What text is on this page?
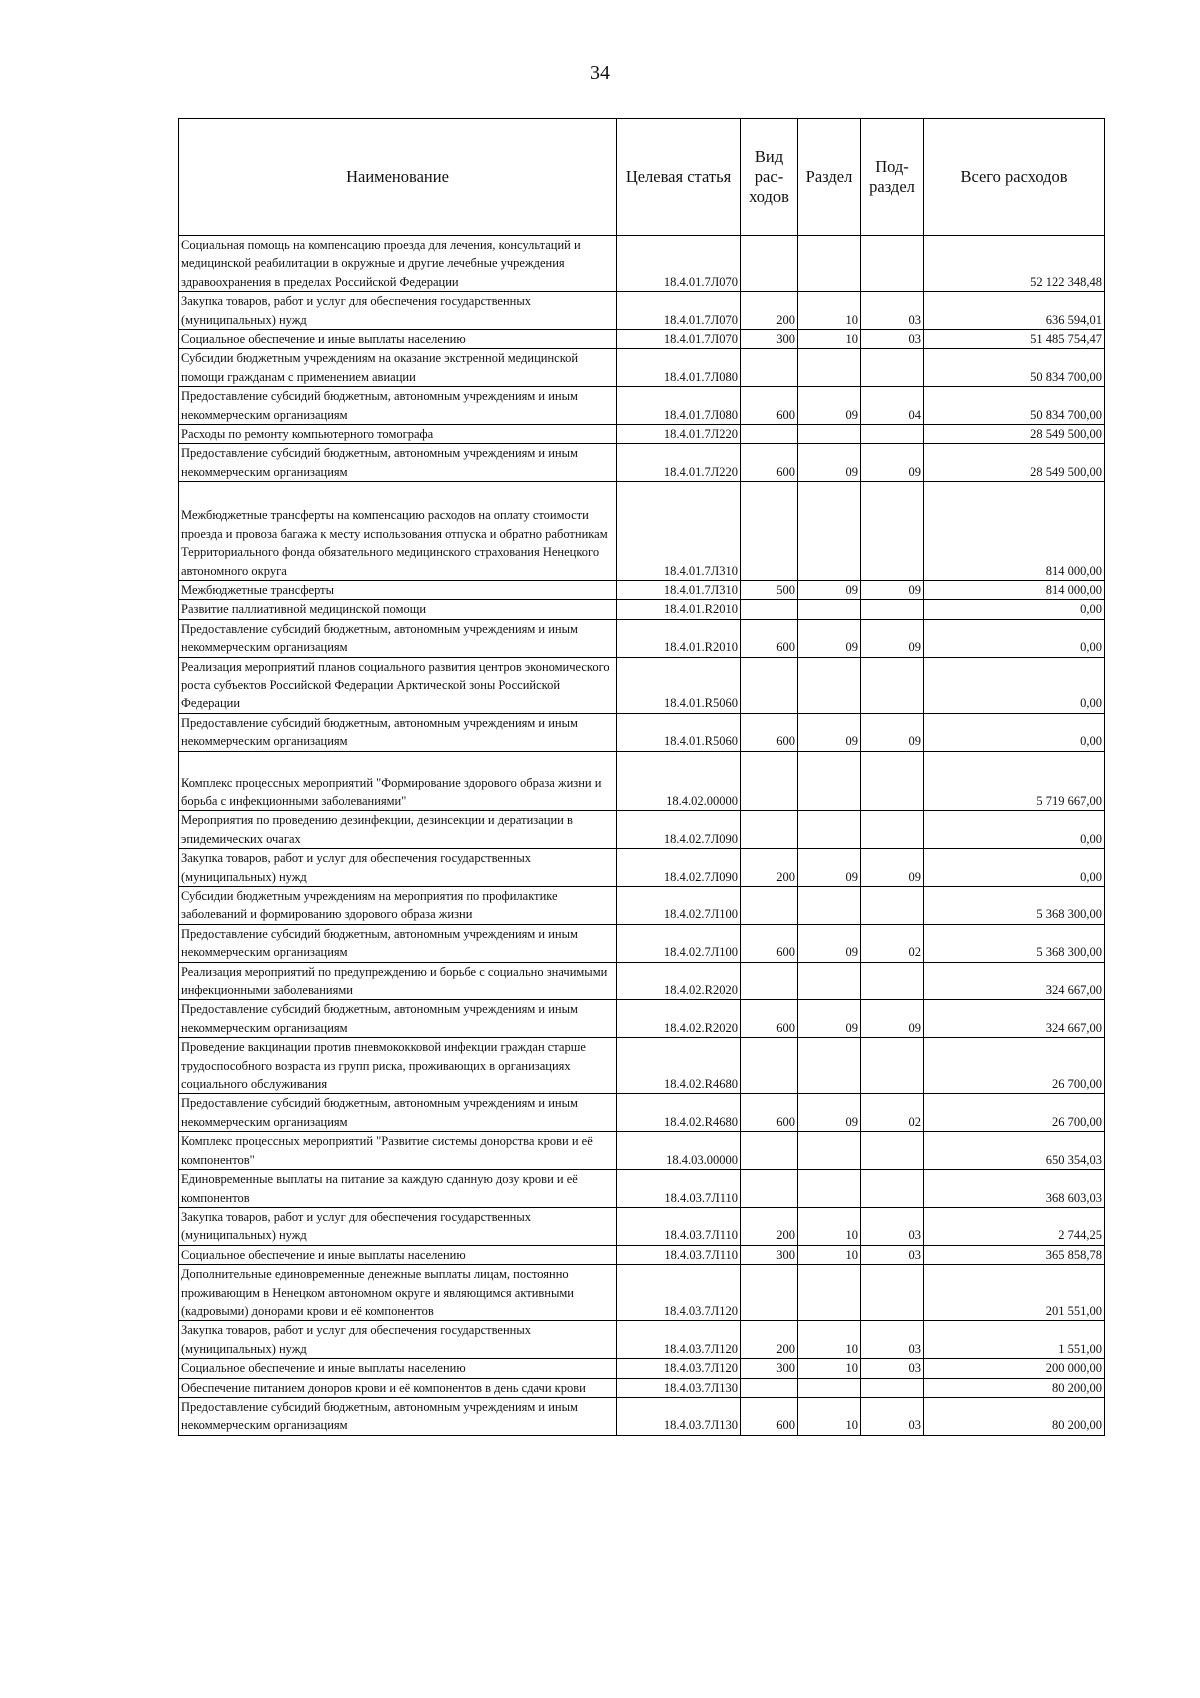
34
Наименование	Целевая статья	Вид рас- ходов	Раздел	Под- раздел	Всего расходов
Социальная помощь на компенсацию проезда для лечения, консультаций и медицинской реабилитации в окружные и другие лечебные учреждения здравоохранения в пределах Российской Федерации	18.4.01.7Л070				52 122 348,48
Закупка товаров, работ и услуг для обеспечения государственных (муниципальных) нужд	18.4.01.7Л070	200	10	03	636 594,01
Социальное обеспечение и иные выплаты населению	18.4.01.7Л070	300	10	03	51 485 754,47
Субсидии бюджетным учреждениям на оказание экстренной медицинской помощи гражданам с применением авиации	18.4.01.7Л080				50 834 700,00
Предоставление субсидий бюджетным, автономным учреждениям и иным некоммерческим организациям	18.4.01.7Л080	600	09	04	50 834 700,00
Расходы по ремонту компьютерного томографа	18.4.01.7Л220				28 549 500,00
Предоставление субсидий бюджетным, автономным учреждениям и иным некоммерческим организациям	18.4.01.7Л220	600	09	09	28 549 500,00
Межбюджетные трансферты на компенсацию расходов на оплату стоимости проезда и провоза багажа к месту использования отпуска и обратно работникам Территориального фонда обязательного медицинского страхования Ненецкого автономного округа	18.4.01.7Л310				814 000,00
Межбюджетные трансферты	18.4.01.7Л310	500	09	09	814 000,00
Развитие паллиативной медицинской помощи	18.4.01.R2010				0,00
Предоставление субсидий бюджетным, автономным учреждениям и иным некоммерческим организациям	18.4.01.R2010	600	09	09	0,00
Реализация мероприятий планов социального развития центров экономического роста субъектов Российской Федерации Арктической зоны Российской Федерации	18.4.01.R5060				0,00
Предоставление субсидий бюджетным, автономным учреждениям и иным некоммерческим организациям	18.4.01.R5060	600	09	09	0,00
Комплекс процессных мероприятий "Формирование здорового образа жизни и борьба с инфекционными заболеваниями"	18.4.02.00000				5 719 667,00
Мероприятия по проведению дезинфекции, дезинсекции и дератизации в эпидемических очагах	18.4.02.7Л090				0,00
Закупка товаров, работ и услуг для обеспечения государственных (муниципальных) нужд	18.4.02.7Л090	200	09	09	0,00
Субсидии бюджетным учреждениям на мероприятия по профилактике заболеваний и формированию здорового образа жизни	18.4.02.7Л100				5 368 300,00
Предоставление субсидий бюджетным, автономным учреждениям и иным некоммерческим организациям	18.4.02.7Л100	600	09	02	5 368 300,00
Реализация мероприятий по предупреждению и борьбе с социально значимыми инфекционными заболеваниями	18.4.02.R2020				324 667,00
Предоставление субсидий бюджетным, автономным учреждениям и иным некоммерческим организациям	18.4.02.R2020	600	09	09	324 667,00
Проведение вакцинации против пневмококковой инфекции граждан старше трудоспособного возраста из групп риска, проживающих в организациях социального обслуживания	18.4.02.R4680				26 700,00
Предоставление субсидий бюджетным, автономным учреждениям и иным некоммерческим организациям	18.4.02.R4680	600	09	02	26 700,00
Комплекс процессных мероприятий "Развитие системы донорства крови и её компонентов"	18.4.03.00000				650 354,03
Единовременные выплаты на питание за каждую сданную дозу крови и её компонентов	18.4.03.7Л110				368 603,03
Закупка товаров, работ и услуг для обеспечения государственных (муниципальных) нужд	18.4.03.7Л110	200	10	03	2 744,25
Социальное обеспечение и иные выплаты населению	18.4.03.7Л110	300	10	03	365 858,78
Дополнительные единовременные денежные выплаты лицам, постоянно проживающим в Ненецком автономном округе и являющимся активными (кадровыми) донорами крови и её компонентов	18.4.03.7Л120				201 551,00
Закупка товаров, работ и услуг для обеспечения государственных (муниципальных) нужд	18.4.03.7Л120	200	10	03	1 551,00
Социальное обеспечение и иные выплаты населению	18.4.03.7Л120	300	10	03	200 000,00
Обеспечение питанием доноров крови и её компонентов в день сдачи крови	18.4.03.7Л130				80 200,00
Предоставление субсидий бюджетным, автономным учреждениям и иным некоммерческим организациям	18.4.03.7Л130	600	10	03	80 200,00
